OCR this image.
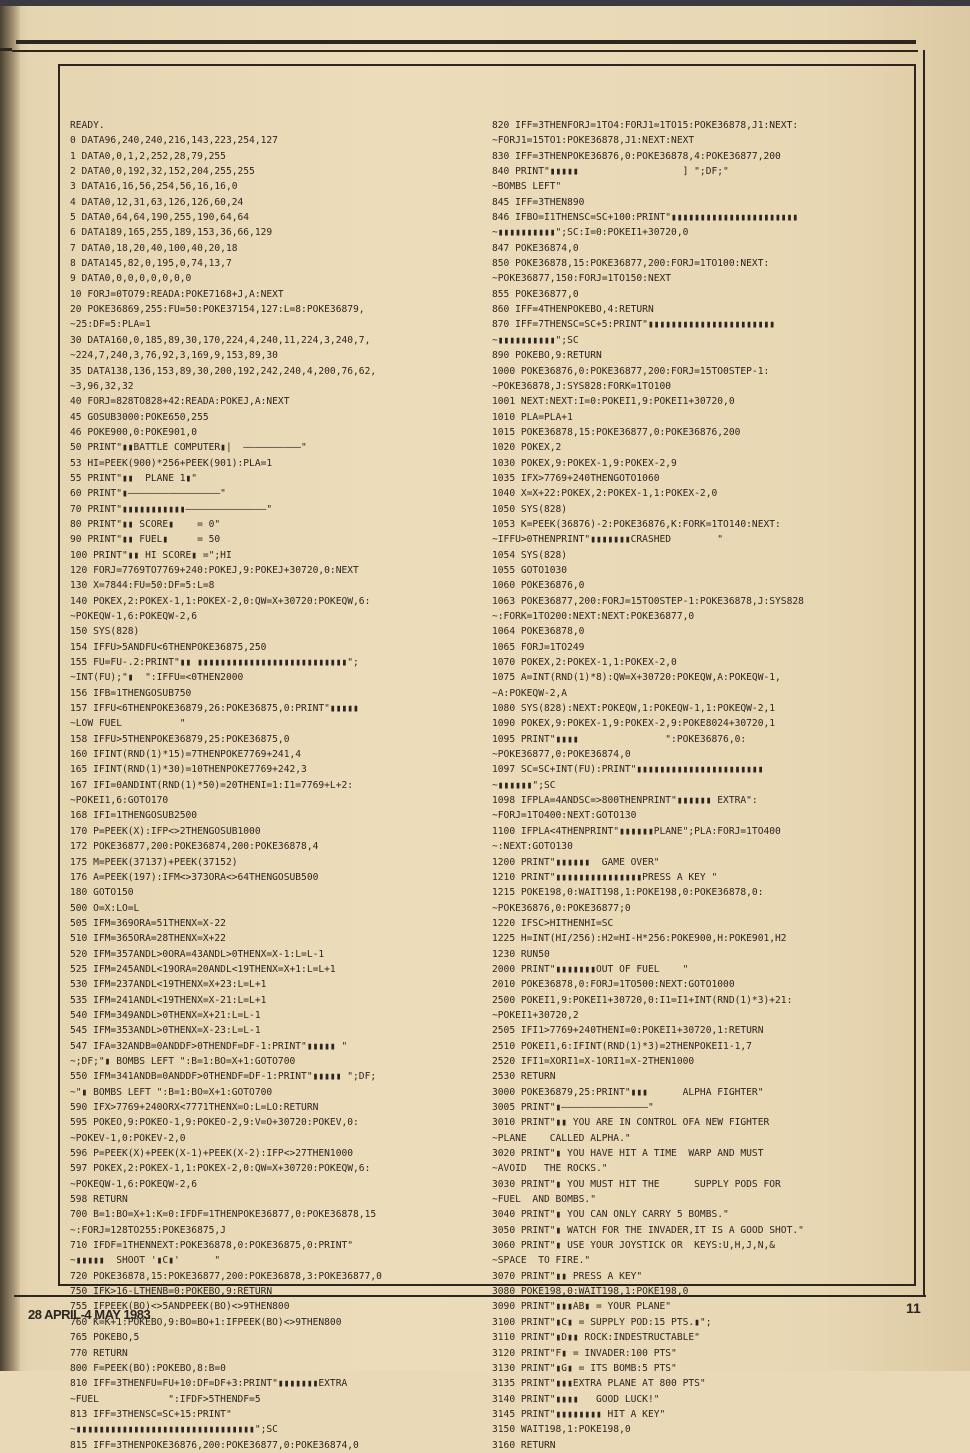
READY.
0 DATA96,240,240,216,143,223,254,127
1 DATA0,0,1,2,252,28,79,255
2 DATA0,0,192,32,152,204,255,255
3 DATA16,16,56,254,56,16,16,0
4 DATA0,12,31,63,126,126,60,24
5 DATA0,64,64,190,255,190,64,64
6 DATA189,165,255,189,153,36,66,129
7 DATA0,18,20,40,100,40,20,18
8 DATA145,82,0,195,0,74,13,7
9 DATA0,0,0,0,0,0,0,0
10 FORJ=0TO79:READA:POKE7168+J,A:NEXT
20 POKE36869,255:FU=50:POKE37154,127:L=8:POKE36879,
~25:DF=5:PLA=1
30 DATA160,0,185,89,30,170,224,4,240,11,224,3,240,7,
~224,7,240,3,76,92,3,169,9,153,89,30
35 DATA138,136,153,89,30,200,192,242,240,4,200,76,62,
~3,96,32,32
40 FORJ=828TO828+42:READA:POKEJ,A:NEXT
45 GOSUB3000:POKE650,255
46 POKE900,0:POKE901,0
50 PRINT"▮▮BATTLE COMPUTER▮|  ——————————"
53 HI=PEEK(900)*256+PEEK(901):PLA=1
55 PRINT"▮▮  PLANE 1▮"
60 PRINT"▮————————————————"
70 PRINT"▮▮▮▮▮▮▮▮▮▮▮——————————————"
80 PRINT"▮▮ SCORE▮    = 0"
90 PRINT"▮▮ FUEL▮     = 50
100 PRINT"▮▮ HI SCORE▮ =";HI
120 FORJ=7769TO7769+240:POKEJ,9:POKEJ+30720,0:NEXT
130 X=7844:FU=50:DF=5:L=8
140 POKEX,2:POKEX-1,1:POKEX-2,0:QW=X+30720:POKEQW,6:
~POKEQW-1,6:POKEQW-2,6
150 SYS(828)
154 IFFU>5ANDFU<6THENPOKE36875,250
155 FU=FU-.2:PRINT"▮▮ ▮▮▮▮▮▮▮▮▮▮▮▮▮▮▮▮▮▮▮▮▮▮▮▮▮▮";
~INT(FU);"▮  ":IFFU=<0THEN2000
156 IFB=1THENGOSUB750
157 IFFU<6THENPOKE36879,26:POKE36875,0:PRINT"▮▮▮▮▮
~LOW FUEL          "
158 IFFU>5THENPOKE36879,25:POKE36875,0
160 IFINT(RND(1)*15)=7THENPOKE7769+241,4
165 IFINT(RND(1)*30)=10THENPOKE7769+242,3
167 IFI=0ANDINT(RND(1)*50)=20THENI=1:I1=7769+L+2:
~POKEI1,6:GOTO170
168 IFI=1THENGOSUB2500
170 P=PEEK(X):IFP<>2THENGOSUB1000
172 POKE36877,200:POKE36874,200:POKE36878,4
175 M=PEEK(37137)+PEEK(37152)
176 A=PEEK(197):IFM<>373ORA<>64THENGOSUB500
180 GOTO150
500 O=X:LO=L
505 IFM=369ORA=51THENX=X-22
510 IFM=365ORA=28THENX=X+22
520 IFM=357ANDL>0ORA=43ANDL>0THENX=X-1:L=L-1
525 IFM=245ANDL<19ORA=20ANDL<19THENX=X+1:L=L+1
530 IFM=237ANDL<19THENX=X+23:L=L+1
535 IFM=241ANDL<19THENX=X-21:L=L+1
540 IFM=349ANDL>0THENX=X+21:L=L-1
545 IFM=353ANDL>0THENX=X-23:L=L-1
547 IFA=32ANDB=0ANDDF>0THENDF=DF-1:PRINT"▮▮▮▮▮ "
~;DF;"▮ BOMBS LEFT ":B=1:BO=X+1:GOTO700
550 IFM=341ANDB=0ANDDF>0THENDF=DF-1:PRINT"▮▮▮▮▮ ";DF;
~"▮ BOMBS LEFT ":B=1:BO=X+1:GOTO700
590 IFX>7769+240ORX<7771THENX=O:L=LO:RETURN
595 POKEO,9:POKEO-1,9:POKEO-2,9:V=O+30720:POKEV,0:
~POKEV-1,0:POKEV-2,0
596 P=PEEK(X)+PEEK(X-1)+PEEK(X-2):IFP<>27THEN1000
597 POKEX,2:POKEX-1,1:POKEX-2,0:QW=X+30720:POKEQW,6:
~POKEQW-1,6:POKEQW-2,6
598 RETURN
700 B=1:BO=X+1:K=0:IFDF=1THENPOKE36877,0:POKE36878,15
~:FORJ=128TO255:POKE36875,J
710 IFDF=1THENNEXT:POKE36878,0:POKE36875,0:PRINT"
~▮▮▮▮▮  SHOOT '▮C▮'      "
720 POKE36878,15:POKE36877,200:POKE36878,3:POKE36877,0
750 IFK>16-LTHENB=0:POKEBO,9:RETURN
755 IFPEEK(BO)<>5ANDPEEK(BO)<>9THEN800
760 K=K+1:POKEBO,9:BO=BO+1:IFPEEK(BO)<>9THEN800
765 POKEBO,5
770 RETURN
800 F=PEEK(BO):POKEBO,8:B=0
810 IFF=3THENFU=FU+10:DF=DF+3:PRINT"▮▮▮▮▮▮▮EXTRA
~FUEL            ":IFDF>5THENDF=5
813 IFF=3THENSC=SC+15:PRINT"
~▮▮▮▮▮▮▮▮▮▮▮▮▮▮▮▮▮▮▮▮▮▮▮▮▮▮▮▮▮▮▮";SC
815 IFF=3THENPOKE36876,200:POKE36877,0:POKE36874,0
820 IFF=3THENFORJ=1TO4:FORJ1=1TO15:POKE36878,J1:NEXT:
~FORJ1=15TO1:POKE36878,J1:NEXT:NEXT
830 IFF=3THENPOKE36876,0:POKE36878,4:POKE36877,200
840 PRINT"▮▮▮▮▮                  ] ";DF;"
~BOMBS LEFT"
845 IFF=3THEN890
846 IFBO=I1THENSC=SC+100:PRINT"▮▮▮▮▮▮▮▮▮▮▮▮▮▮▮▮▮▮▮▮▮▮
~▮▮▮▮▮▮▮▮▮▮";SC:I=0:POKEI1+30720,0
847 POKE36874,0
850 POKE36878,15:POKE36877,200:FORJ=1TO100:NEXT:
~POKE36877,150:FORJ=1TO150:NEXT
855 POKE36877,0
860 IFF=4THENPOKEBO,4:RETURN
870 IFF=7THENSC=SC+5:PRINT"▮▮▮▮▮▮▮▮▮▮▮▮▮▮▮▮▮▮▮▮▮▮
~▮▮▮▮▮▮▮▮▮▮";SC
890 POKEBO,9:RETURN
1000 POKE36876,0:POKE36877,200:FORJ=15TO0STEP-1:
~POKE36878,J:SYS828:FORK=1TO100
1001 NEXT:NEXT:I=0:POKEI1,9:POKEI1+30720,0
1010 PLA=PLA+1
1015 POKE36878,15:POKE36877,0:POKE36876,200
1020 POKEX,2
1030 POKEX,9:POKEX-1,9:POKEX-2,9
1035 IFX>7769+240THENGOTO1060
1040 X=X+22:POKEX,2:POKEX-1,1:POKEX-2,0
1050 SYS(828)
1053 K=PEEK(36876)-2:POKE36876,K:FORK=1TO140:NEXT:
~IFFU>0THENPRINT"▮▮▮▮▮▮▮CRASHED        "
1054 SYS(828)
1055 GOTO1030
1060 POKE36876,0
1063 POKE36877,200:FORJ=15TO0STEP-1:POKE36878,J:SYS828
~:FORK=1TO200:NEXT:NEXT:POKE36877,0
1064 POKE36878,0
1065 FORJ=1TO249
1070 POKEX,2:POKEX-1,1:POKEX-2,0
1075 A=INT(RND(1)*8):QW=X+30720:POKEQW,A:POKEQW-1,
~A:POKEQW-2,A
1080 SYS(828):NEXT:POKEQW,1:POKEQW-1,1:POKEQW-2,1
1090 POKEX,9:POKEX-1,9:POKEX-2,9:POKE8024+30720,1
1095 PRINT"▮▮▮▮               ":POKE36876,0:
~POKE36877,0:POKE36874,0
1097 SC=SC+INT(FU):PRINT"▮▮▮▮▮▮▮▮▮▮▮▮▮▮▮▮▮▮▮▮▮▮
~▮▮▮▮▮▮";SC
1098 IFPLA=4ANDSC=>800THENPRINT"▮▮▮▮▮▮ EXTRA":
~FORJ=1TO400:NEXT:GOTO130
1100 IFPLA<4THENPRINT"▮▮▮▮▮▮PLANE";PLA:FORJ=1TO400
~:NEXT:GOTO130
1200 PRINT"▮▮▮▮▮▮  GAME OVER"
1210 PRINT"▮▮▮▮▮▮▮▮▮▮▮▮▮▮▮PRESS A KEY "
1215 POKE198,0:WAIT198,1:POKE198,0:POKE36878,0:
~POKE36876,0:POKE36877;0
1220 IFSC>HITHENHI=SC
1225 H=INT(HI/256):H2=HI-H*256:POKE900,H:POKE901,H2
1230 RUN50
2000 PRINT"▮▮▮▮▮▮▮OUT OF FUEL    "
2010 POKE36878,0:FORJ=1TO500:NEXT:GOTO1000
2500 POKEI1,9:POKEI1+30720,0:I1=I1+INT(RND(1)*3)+21:
~POKEI1+30720,2
2505 IFI1>7769+240THENI=0:POKEI1+30720,1:RETURN
2510 POKEI1,6:IFINT(RND(1)*3)=2THENPOKEI1-1,7
2520 IFI1=XORI1=X-1ORI1=X-2THEN1000
2530 RETURN
3000 POKE36879,25:PRINT"▮▮▮      ALPHA FIGHTER"
3005 PRINT"▮———————————————"
3010 PRINT"▮▮ YOU ARE IN CONTROL OFA NEW FIGHTER
~PLANE    CALLED ALPHA."
3020 PRINT"▮ YOU HAVE HIT A TIME  WARP AND MUST
~AVOID   THE ROCKS."
3030 PRINT"▮ YOU MUST HIT THE      SUPPLY PODS FOR
~FUEL  AND BOMBS."
3040 PRINT"▮ YOU CAN ONLY CARRY 5 BOMBS."
3050 PRINT"▮ WATCH FOR THE INVADER,IT IS A GOOD SHOT."
3060 PRINT"▮ USE YOUR JOYSTICK OR  KEYS:U,H,J,N,&
~SPACE  TO FIRE."
3070 PRINT"▮▮ PRESS A KEY"
3080 POKE198,0:WAIT198,1:POKE198,0
3090 PRINT"▮▮▮AB▮ = YOUR PLANE"
3100 PRINT"▮C▮ = SUPPLY POD:15 PTS.▮";
3110 PRINT"▮D▮▮ ROCK:INDESTRUCTABLE"
3120 PRINT"F▮ = INVADER:100 PTS"
3130 PRINT"▮G▮ = ITS BOMB:5 PTS"
3135 PRINT"▮▮▮EXTRA PLANE AT 800 PTS"
3140 PRINT"▮▮▮▮   GOOD LUCK!"
3145 PRINT"▮▮▮▮▮▮▮▮ HIT A KEY"
3150 WAIT198,1:POKE198,0
3160 RETURN
28 APRIL-4 MAY 1983	11
